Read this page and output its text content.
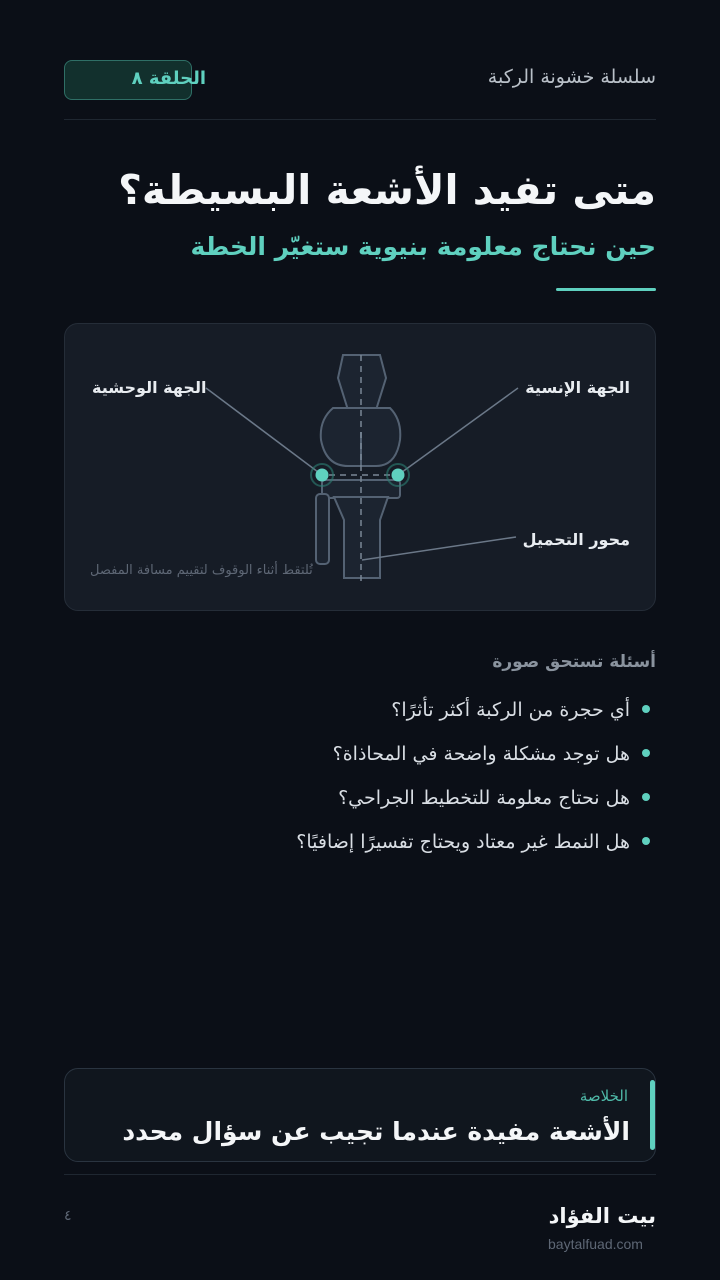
سلسلة خشونة الركبة
الحلقة ٨
متى تفيد الأشعة البسيطة؟
حين نحتاج معلومة بنيوية ستغيّر الخطة
الجهة الإنسية
الجهة الوحشية
محور التحميل
تُلتقط أثناء الوقوف لتقييم مسافة المفصل
أسئلة تستحق صورة
أي حجرة من الركبة أكثر تأثرًا؟
هل توجد مشكلة واضحة في المحاذاة؟
هل نحتاج معلومة للتخطيط الجراحي؟
هل النمط غير معتاد ويحتاج تفسيرًا إضافيًا؟
الخلاصة
الأشعة مفيدة عندما تجيب عن سؤال محدد
بيت الفؤاد
baytalfuad.com
٤
